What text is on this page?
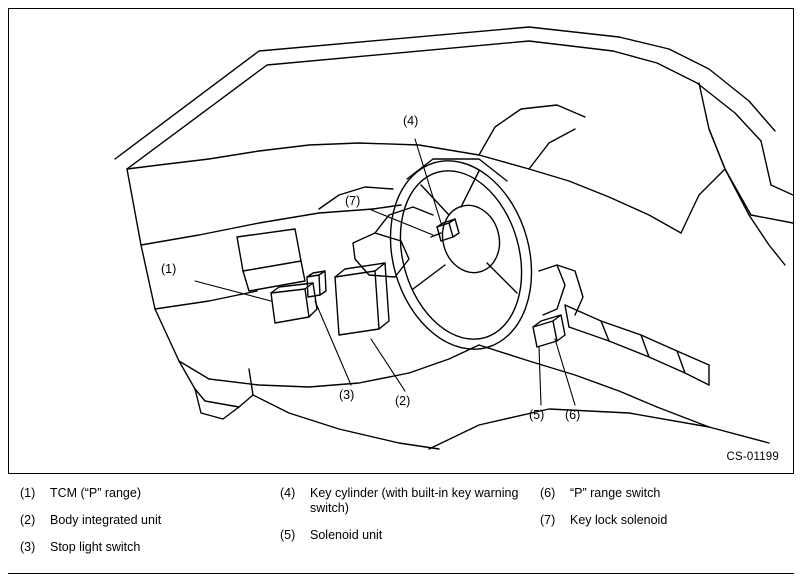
(1)
(2)
(3)
(4)
(5) (6)
(7)
CS-01199
(1)	TCM (“P” range)
(2)	Body integrated unit
(3)	Stop light switch
(4)	Key cylinder (with built-in key warning switch)
(5)	Solenoid unit
(6)	“P” range switch
(7)	Key lock solenoid
